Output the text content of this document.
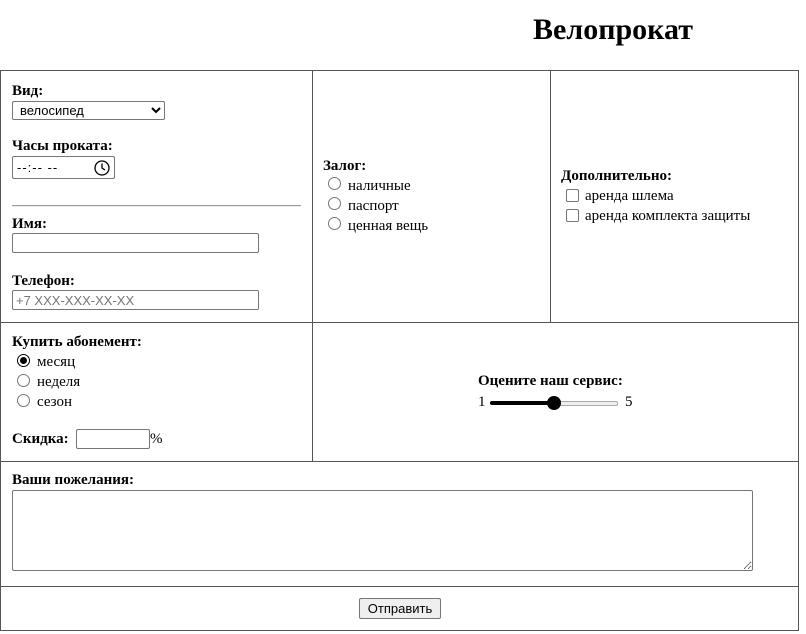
Велопрокат
Вид:
велосипед
Часы проката:
--:-- --
Имя:
Телефон:
+7 XXX-XXX-XX-XX
Залог:
наличные
паспорт
ценная вещь
Дополнительно:
аренда шлема
аренда комплекта защиты
Купить абонемент:
месяц
неделя
сезон
Скидка:	%
Оцените наш сервис:
1	5
Ваши пожелания:
Отправить
